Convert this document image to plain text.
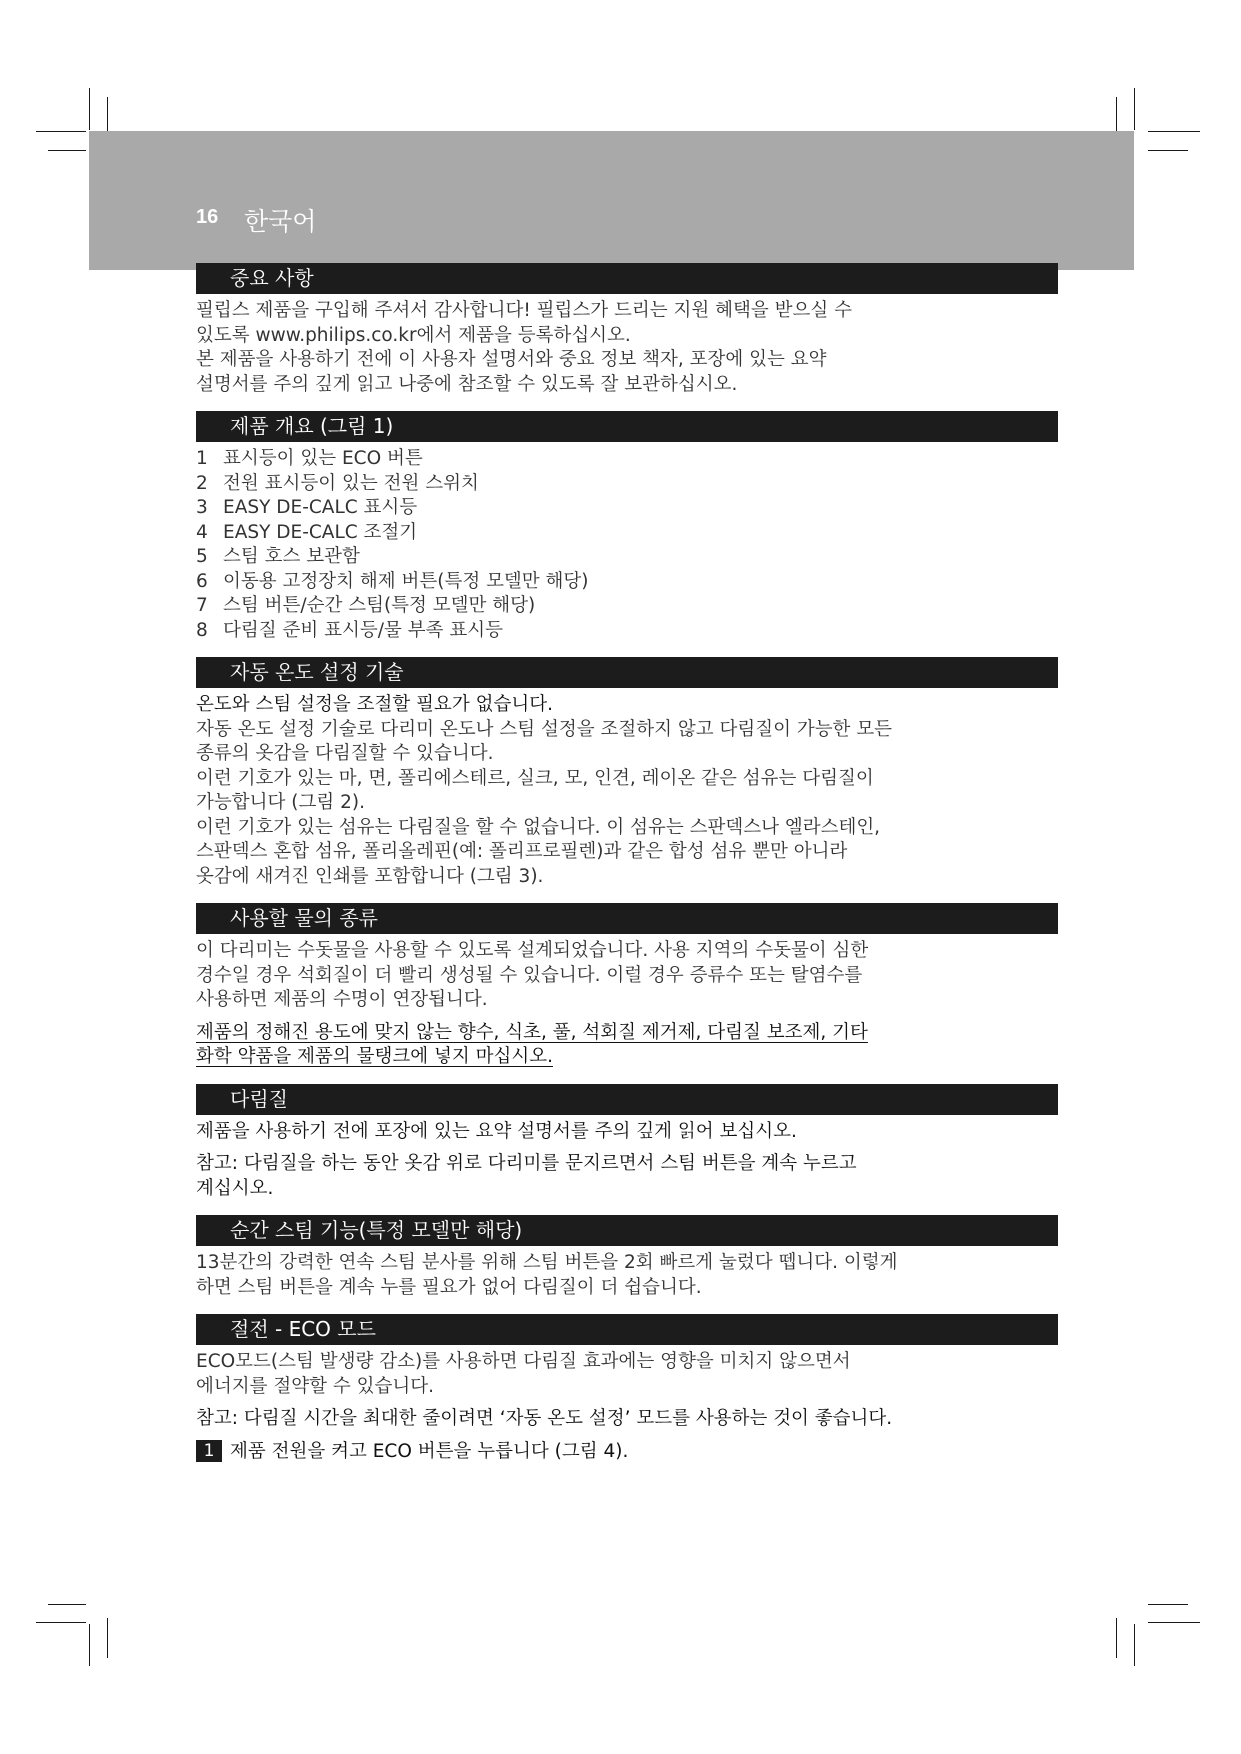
16 한국어
중요 사항
필립스 제품을 구입해 주셔서 감사합니다! 필립스가 드리는 지원 혜택을 받으실 수
있도록 www.philips.co.kr에서 제품을 등록하십시오.
본 제품을 사용하기 전에 이 사용자 설명서와 중요 정보 책자, 포장에 있는 요약
설명서를 주의 깊게 읽고 나중에 참조할 수 있도록 잘 보관하십시오.
제품 개요 (그림 1)
1 표시등이 있는 ECO 버튼
2 전원 표시등이 있는 전원 스위치
3 EASY DE-CALC 표시등
4 EASY DE-CALC 조절기
5 스팀 호스 보관함
6 이동용 고정장치 해제 버튼(특정 모델만 해당)
7 스팀 버튼/순간 스팀(특정 모델만 해당)
8 다림질 준비 표시등/물 부족 표시등
자동 온도 설정 기술
온도와 스팀 설정을 조절할 필요가 없습니다.
자동 온도 설정 기술로 다리미 온도나 스팀 설정을 조절하지 않고 다림질이 가능한 모든
종류의 옷감을 다림질할 수 있습니다.
이런 기호가 있는 마, 면, 폴리에스테르, 실크, 모, 인견, 레이온 같은 섬유는 다림질이
가능합니다 (그림 2).
이런 기호가 있는 섬유는 다림질을 할 수 없습니다. 이 섬유는 스판덱스나 엘라스테인,
스판덱스 혼합 섬유, 폴리올레핀(예: 폴리프로필렌)과 같은 합성 섬유 뿐만 아니라
옷감에 새겨진 인쇄를 포함합니다 (그림 3).
사용할 물의 종류
이 다리미는 수돗물을 사용할 수 있도록 설계되었습니다. 사용 지역의 수돗물이 심한
경수일 경우 석회질이 더 빨리 생성될 수 있습니다. 이럴 경우 증류수 또는 탈염수를
사용하면 제품의 수명이 연장됩니다.
제품의 정해진 용도에 맞지 않는 향수, 식초, 풀, 석회질 제거제, 다림질 보조제, 기타
화학 약품을 제품의 물탱크에 넣지 마십시오.
다림질
제품을 사용하기 전에 포장에 있는 요약 설명서를 주의 깊게 읽어 보십시오.
참고: 다림질을 하는 동안 옷감 위로 다리미를 문지르면서 스팀 버튼을 계속 누르고
계십시오.
순간 스팀 기능(특정 모델만 해당)
13분간의 강력한 연속 스팀 분사를 위해 스팀 버튼을 2회 빠르게 눌렀다 뗍니다. 이렇게
하면 스팀 버튼을 계속 누를 필요가 없어 다림질이 더 쉽습니다.
절전 - ECO 모드
ECO모드(스팀 발생량 감소)를 사용하면 다림질 효과에는 영향을 미치지 않으면서
에너지를 절약할 수 있습니다.
참고: 다림질 시간을 최대한 줄이려면 ‘자동 온도 설정’ 모드를 사용하는 것이 좋습니다.
1 제품 전원을 켜고 ECO 버튼을 누릅니다 (그림 4).
